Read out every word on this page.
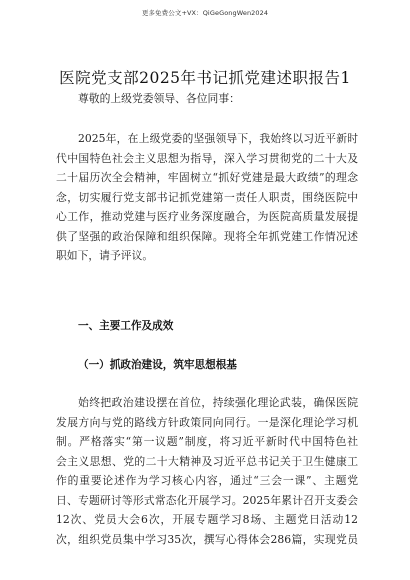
更多免费公文+VX：QiGeGongWen2024
医院党支部2025年书记抓党建述职报告1
尊敬的上级党委领导、各位同事：
2025年，在上级党委的坚强领导下，我始终以习近平新时
代中国特色社会主义思想为指导，深入学习贯彻党的二十大及
二十届历次全会精神，牢固树立“抓好党建是最大政绩”的理念
念，切实履行党支部书记抓党建第一责任人职责，围绕医院中
心工作，推动党建与医疗业务深度融合，为医院高质量发展提
供了坚强的政治保障和组织保障。现将全年抓党建工作情况述
职如下，请予评议。
一、主要工作及成效
（一）抓政治建设，筑牢思想根基
始终把政治建设摆在首位，持续强化理论武装，确保医院
发展方向与党的路线方针政策同向同行。一是深化理论学习机
制。严格落实“第一议题”制度，将习近平新时代中国特色社
会主义思想、党的二十大精神及习近平总书记关于卫生健康工
作的重要论述作为学习核心内容，通过“三会一课”、主题党
日、专题研讨等形式常态化开展学习。2025年累计召开支委会
12次、党员大会6次，开展专题学习8场、主题党日活动12
次，组织党员集中学习35次，撰写心得体会286篇，实现党员
